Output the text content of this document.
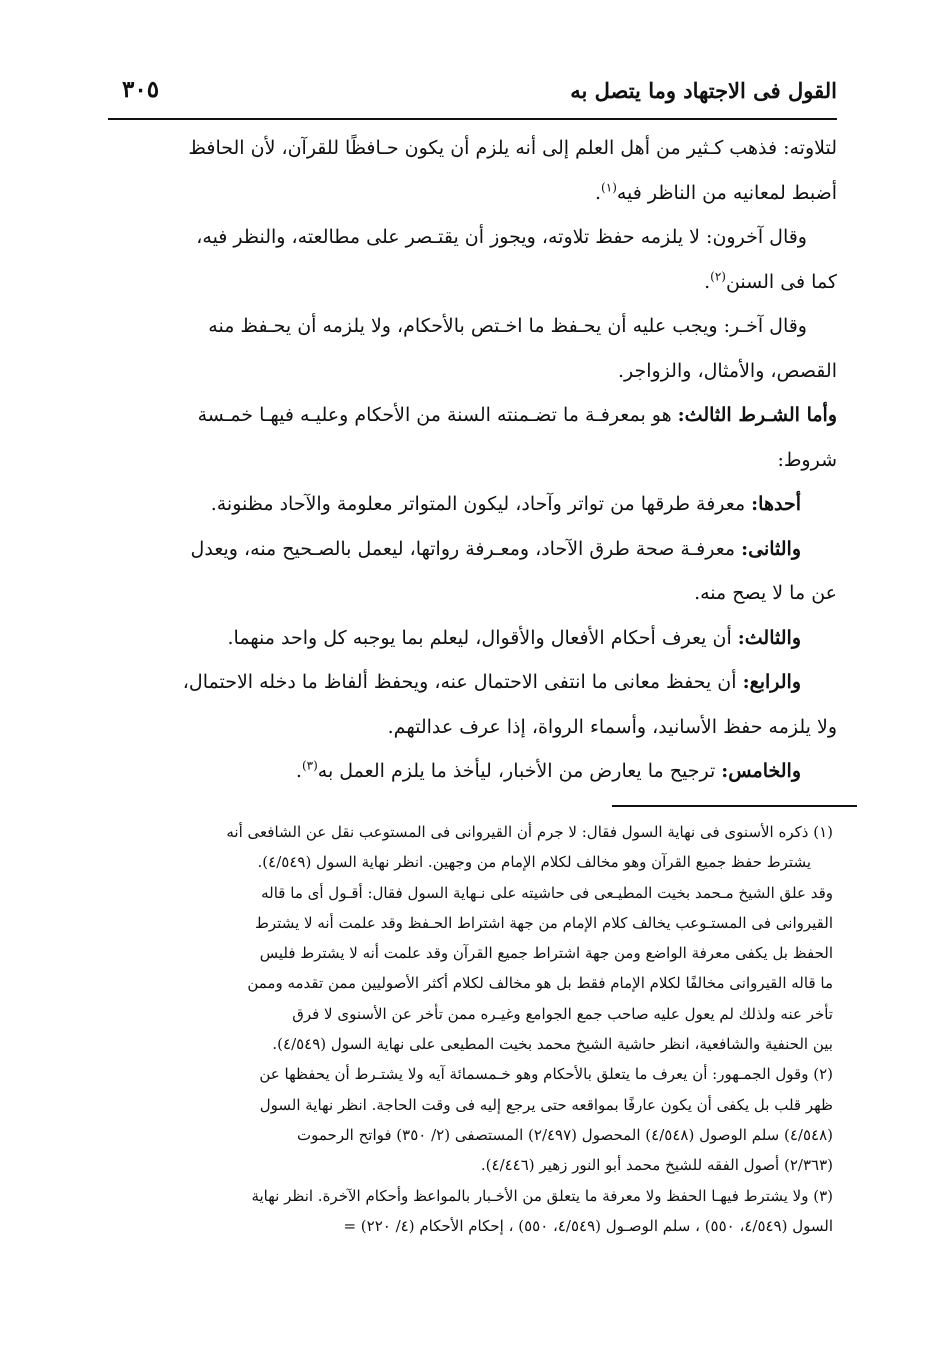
القول فى الاجتهاد وما يتصل به
٣٠٥

لتلاوته: فذهب كـثير من أهل العلم إلى أنه يلزم أن يكون حـافظًا للقرآن، لأن الحافظ

أضبط لمعانيه من الناظر فيه$^{(١)}$.

وقال آخرون: لا يلزمه حفظ تلاوته، ويجوز أن يقتـصر على مطالعته، والنظر فيه،

كما فى السنن$^{(٢)}$.

وقال آخـر: ويجب عليه أن يحـفظ ما اخـتص بالأحكام، ولا يلزمه أن يحـفظ منه

القصص، والأمثال، والزواجر.

وأما الشـرط الثالث: هو بمعرفـة ما تضـمنته السنة من الأحكام وعليـه فيهـا خمـسة

شروط:

أحدها: معرفة طرقها من تواتر وآحاد، ليكون المتواتر معلومة والآحاد مظنونة.

والثانى: معرفـة صحة طرق الآحاد، ومعـرفة رواتها، ليعمل بالصـحيح منه، ويعدل

عن ما لا يصح منه.

والثالث: أن يعرف أحكام الأفعال والأقوال، ليعلم بما يوجبه كل واحد منهما.

والرابع: أن يحفظ معانى ما انتفى الاحتمال عنه، ويحفظ ألفاظ ما دخله الاحتمال،

ولا يلزمه حفظ الأسانيد، وأسماء الرواة، إذا عرف عدالتهم.

والخامس: ترجيح ما يعارض من الأخبار، ليأخذ ما يلزم العمل به$^{(٣)}$.

(١) ذكره الأسنوى فى نهاية السول فقال: لا جرم أن القيروانى فى المستوعب نقل عن الشافعى أنه

يشترط حفظ جميع القرآن وهو مخالف لكلام الإمام من وجهين. انظر نهاية السول (٤/٥٤٩).

وقد علق الشيخ مـحمد بخيت المطيـعى فى حاشيته على نـهاية السول فقال: أقـول أى ما قاله

القيروانى فى المستـوعب يخالف كلام الإمام من جهة اشتراط الحـفظ وقد علمت أنه لا يشترط

الحفظ بل يكفى معرفة الواضع ومن جهة اشتراط جميع القرآن وقد علمت أنه لا يشترط فليس

ما قاله القيروانى مخالفًا لكلام الإمام فقط بل هو مخالف لكلام أكثر الأصوليين ممن تقدمه وممن

تأخر عنه ولذلك لم يعول عليه صاحب جمع الجوامع وغيـره ممن تأخر عن الأسنوى لا فرق

بين الحنفية والشافعية، انظر حاشية الشيخ محمد بخيت المطيعى على نهاية السول (٤/٥٤٩).

(٢) وقول الجمـهور: أن يعرف ما يتعلق بالأحكام وهو خـمسمائة آيه ولا يشتـرط أن يحفظها عن

ظهر قلب بل يكفى أن يكون عارفًا بمواقعه حتى يرجع إليه فى وقت الحاجة. انظر نهاية السول

(٤/٥٤٨) سلم الوصول (٤/٥٤٨) المحصول (٢/٤٩٧) المستصفى (٢/ ٣٥٠) فواتح الرحموت

(٢/٣٦٣) أصول الفقه للشيخ محمد أبو النور زهير (٤/٤٤٦).

(٣) ولا يشترط فيهـا الحفظ ولا معرفة ما يتعلق من الأخـبار بالمواعظ وأحكام الآخرة. انظر نهاية

السول (٤/٥٤٩، ٥٥٠) ، سلم الوصـول (٤/٥٤٩، ٥٥٠) ، إحكام الأحكام (٤/ ٢٢٠) =
